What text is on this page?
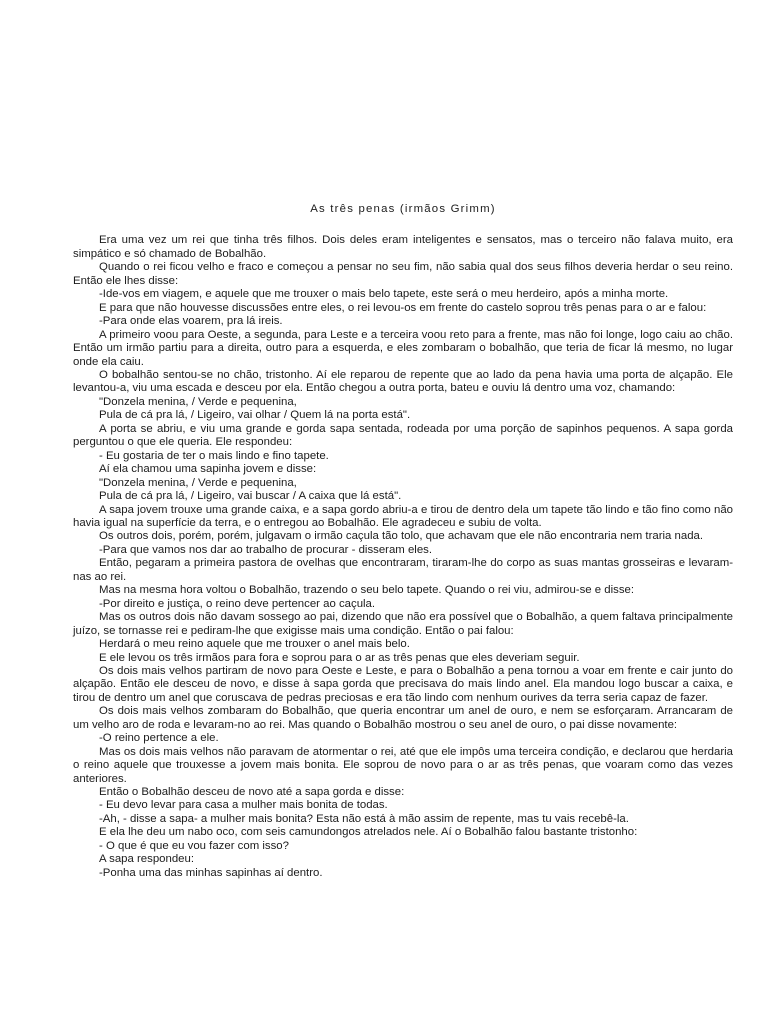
As três penas (irmãos Grimm)

Era uma vez um rei que tinha três filhos. Dois deles eram inteligentes e sensatos, mas o terceiro não falava muito, era simpático e só chamado de Bobalhão.

Quando o rei ficou velho e fraco e começou a pensar no seu fim, não sabia qual dos seus filhos deveria herdar o seu reino. Então ele lhes disse:

-Ide-vos em viagem, e aquele que me trouxer o mais belo tapete, este será o meu herdeiro, após a minha morte.

E para que não houvesse discussões entre eles, o rei levou-os em frente do castelo soprou três penas para o ar e falou:

-Para onde elas voarem, pra lá ireis.

A primeiro voou para Oeste, a segunda, para Leste e a terceira voou reto para a frente, mas não foi longe, logo caiu ao chão. Então um irmão partiu para a direita, outro para a esquerda, e eles zombaram o bobalhão, que teria de ficar lá mesmo, no lugar onde ela caiu.

O bobalhão sentou-se no chão, tristonho. Aí ele reparou de repente que ao lado da pena havia uma porta de alçapão. Ele levantou-a, viu uma escada e desceu por ela. Então chegou a outra porta, bateu e ouviu lá dentro uma voz, chamando:

"Donzela menina, / Verde e pequenina,

Pula de cá pra lá, / Ligeiro, vai olhar / Quem lá na porta está".

A porta se abriu, e viu uma grande e gorda sapa sentada, rodeada por uma porção de sapinhos pequenos. A sapa gorda perguntou o que ele queria. Ele respondeu:

- Eu gostaria de ter o mais lindo e fino tapete.

Aí ela chamou uma sapinha jovem e disse:

"Donzela menina, / Verde e pequenina,

Pula de cá pra lá, / Ligeiro, vai buscar / A caixa que lá está".

A sapa jovem trouxe uma grande caixa, e a sapa gordo abriu-a e tirou de dentro dela um tapete tão lindo e tão fino como não havia igual na superfície da terra, e o entregou ao Bobalhão. Ele agradeceu e subiu de volta.

Os outros dois, porém, porém, julgavam o irmão caçula tão tolo, que achavam que ele não encontraria nem traria nada.

-Para que vamos nos dar ao trabalho de procurar - disseram eles.

Então, pegaram a primeira pastora de ovelhas que encontraram, tiraram-lhe do corpo as suas mantas grosseiras e levaram-nas ao rei.

Mas na mesma hora voltou o Bobalhão, trazendo o seu belo tapete. Quando o rei viu, admirou-se e disse:

-Por direito e justiça, o reino deve pertencer ao caçula.

Mas os outros dois não davam sossego ao pai, dizendo que não era possível que o Bobalhão, a quem faltava principalmente juízo, se tornasse rei e pediram-lhe que exigisse mais uma condição. Então o pai falou:

Herdará o meu reino aquele que me trouxer o anel mais belo.

E ele levou os três irmãos para fora e soprou para o ar as três penas que eles deveriam seguir.

Os dois mais velhos partiram de novo para Oeste e Leste, e para o Bobalhão a pena tornou a voar em frente e cair junto do alçapão. Então ele desceu de novo, e disse à sapa gorda que precisava do mais lindo anel. Ela mandou logo buscar a caixa, e tirou de dentro um anel que coruscava de pedras preciosas e era tão lindo com nenhum ourives da terra seria capaz de fazer.

Os dois mais velhos zombaram do Bobalhão, que queria encontrar um anel de ouro, e nem se esforçaram. Arrancaram de um velho aro de roda e levaram-no ao rei. Mas quando o Bobalhão mostrou o seu anel de ouro, o pai disse novamente:

-O reino pertence a ele.

Mas os dois mais velhos não paravam de atormentar o rei, até que ele impôs uma terceira condição, e declarou que herdaria o reino aquele que trouxesse a jovem mais bonita. Ele soprou de novo para o ar as três penas, que voaram como das vezes anteriores.

Então o Bobalhão desceu de novo até a sapa gorda e disse:

- Eu devo levar para casa a mulher mais bonita de todas.

-Ah, - disse a sapa- a mulher mais bonita? Esta não está à mão assim de repente, mas tu vais recebê-la.

E ela lhe deu um nabo oco, com seis camundongos atrelados nele. Aí o Bobalhão falou bastante tristonho:

- O que é que eu vou fazer com isso?

A sapa respondeu:

-Ponha uma das minhas sapinhas aí dentro.
